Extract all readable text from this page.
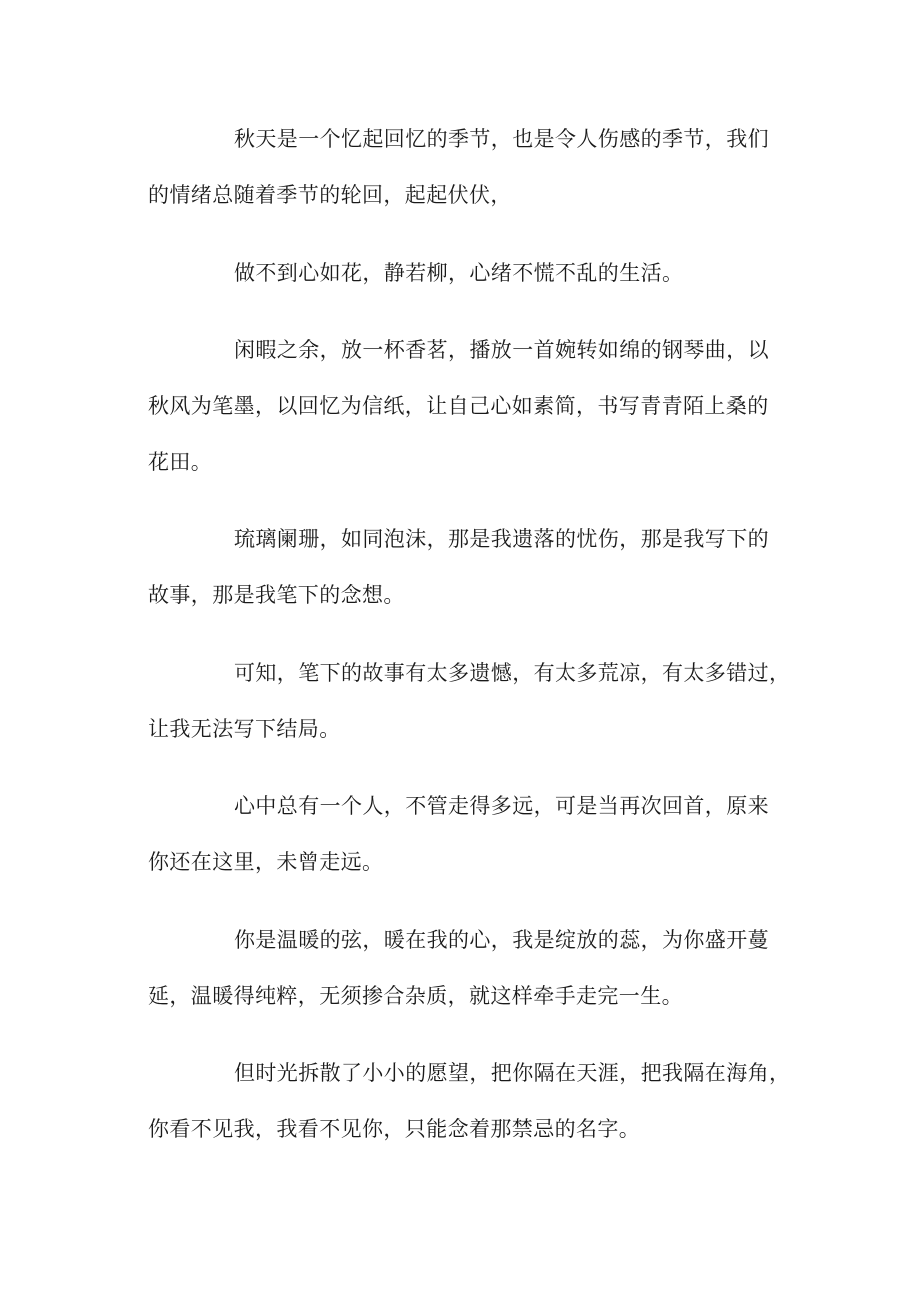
秋天是一个忆起回忆的季节，也是令人伤感的季节，我们
的情绪总随着季节的轮回，起起伏伏，
做不到心如花，静若柳，心绪不慌不乱的生活。
闲暇之余，放一杯香茗，播放一首婉转如绵的钢琴曲，以
秋风为笔墨，以回忆为信纸，让自己心如素简，书写青青陌上桑的
花田。
琉璃阑珊，如同泡沫，那是我遗落的忧伤，那是我写下的
故事，那是我笔下的念想。
可知，笔下的故事有太多遗憾，有太多荒凉，有太多错过，
让我无法写下结局。
心中总有一个人，不管走得多远，可是当再次回首，原来
你还在这里，未曾走远。
你是温暖的弦，暖在我的心，我是绽放的蕊，为你盛开蔓
延，温暖得纯粹，无须掺合杂质，就这样牵手走完一生。
但时光拆散了小小的愿望，把你隔在天涯，把我隔在海角，
你看不见我，我看不见你，只能念着那禁忌的名字。
